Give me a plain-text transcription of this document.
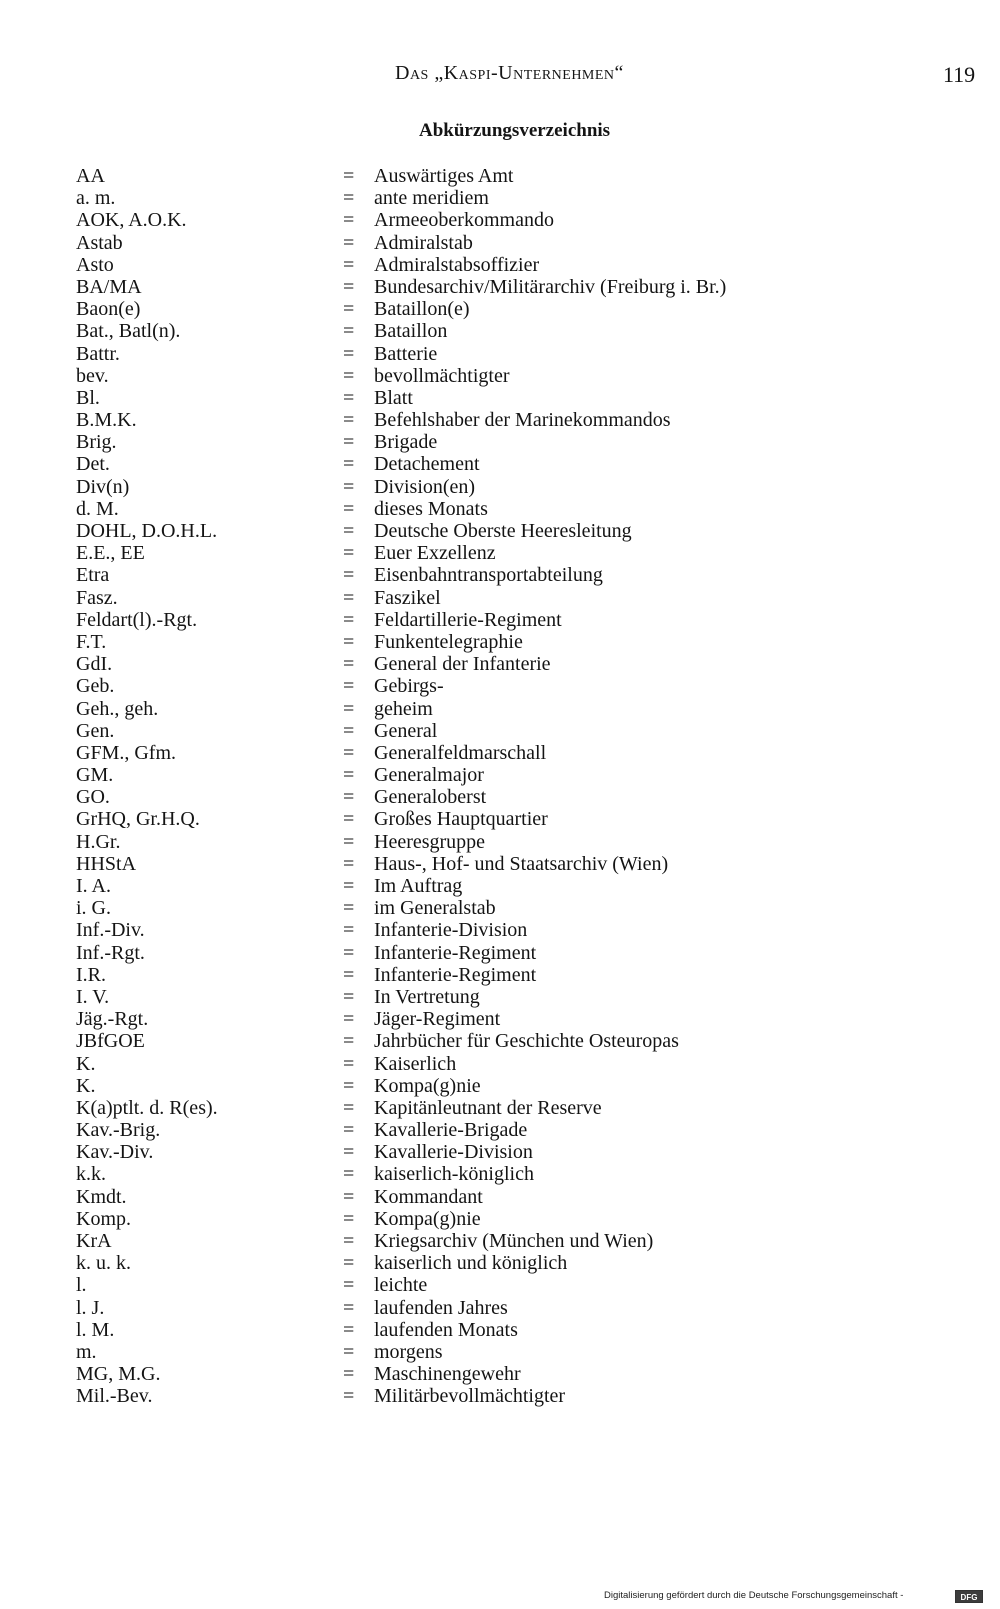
Das „Kaspi-Unternehmen“	119
Abkürzungsverzeichnis
AA	= Auswärtiges Amt
a. m.	= ante meridiem
AOK, A.O.K.	= Armeeoberkommando
Astab	= Admiralstab
Asto	= Admiralstabsoffizier
BA/MA	= Bundesarchiv/Militärarchiv (Freiburg i. Br.)
Baon(e)	= Bataillon(e)
Bat., Batl(n).	= Bataillon
Battr.	= Batterie
bev.	= bevollmächtigter
Bl.	= Blatt
B.M.K.	= Befehlshaber der Marinekommandos
Brig.	= Brigade
Det.	= Detachement
Div(n)	= Division(en)
d. M.	= dieses Monats
DOHL, D.O.H.L.	= Deutsche Oberste Heeresleitung
E.E., EE	= Euer Exzellenz
Etra	= Eisenbahntransportabteilung
Fasz.	= Faszikel
Feldart(l).-Rgt.	= Feldartillerie-Regiment
F.T.	= Funkentelegraphie
GdI.	= General der Infanterie
Geb.	= Gebirgs-
Geh., geh.	= geheim
Gen.	= General
GFM., Gfm.	= Generalfeldmarschall
GM.	= Generalmajor
GO.	= Generaloberst
GrHQ, Gr.H.Q.	= Großes Hauptquartier
H.Gr.	= Heeresgruppe
HHStA	= Haus-, Hof- und Staatsarchiv (Wien)
I. A.	= Im Auftrag
i. G.	= im Generalstab
Inf.-Div.	= Infanterie-Division
Inf.-Rgt.	= Infanterie-Regiment
I.R.	= Infanterie-Regiment
I. V.	= In Vertretung
Jäg.-Rgt.	= Jäger-Regiment
JBfGOE	= Jahrbücher für Geschichte Osteuropas
K.	= Kaiserlich
K.	= Kompa(g)nie
K(a)ptlt. d. R(es).	= Kapitänleutnant der Reserve
Kav.-Brig.	= Kavallerie-Brigade
Kav.-Div.	= Kavallerie-Division
k.k.	= kaiserlich-königlich
Kmdt.	= Kommandant
Komp.	= Kompa(g)nie
KrA	= Kriegsarchiv (München und Wien)
k. u. k.	= kaiserlich und königlich
l.	= leichte
l. J.	= laufenden Jahres
l. M.	= laufenden Monats
m.	= morgens
MG, M.G.	= Maschinengewehr
Mil.-Bev.	= Militärbevollmächtigter
Digitalisierung gefördert durch die Deutsche Forschungsgemeinschaft -	DFG
